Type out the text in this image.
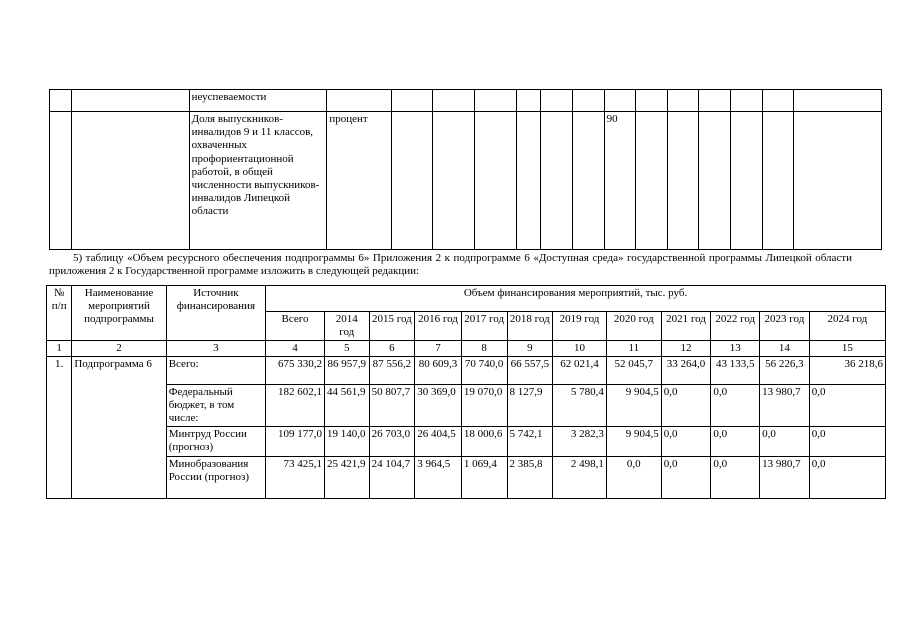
		неуспеваемости														
		Доля выпускников-инвалидов 9 и 11 классов, охваченных профориентационной работой, в общей численности выпускников-инвалидов Липецкой области	процент							90						
5) таблицу «Объем ресурсного обеспечения подпрограммы 6» Приложения 2 к подпрограмме 6 «Доступная среда» государственной программы Липецкой области приложения 2 к Государственной программе изложить в следующей редакции:
№ п/п	Наименование мероприятий подпрограммы	Источник финансирования	Объем финансирования мероприятий, тыс. руб.											
			Всего	2014 год	2015 год	2016 год	2017 год	2018 год	2019 год	2020 год	2021 год	2022 год	2023 год	2024 год
1	2	3	4	5	6	7	8	9	10	11	12	13	14	15
1.	Подпрограмма 6	Всего:	675 330,2	86 957,9	87 556,2	80 609,3	70 740,0	66 557,5	62 021,4	52 045,7	33 264,0	43 133,5	56 226,3	36 218,6
		Федеральный бюджет, в том числе:	182 602,1	44 561,9	50 807,7	30 369,0	19 070,0	8 127,9	5 780,4	9 904,5	0,0	0,0	13 980,7	0,0
		Минтруд России (прогноз)	109 177,0	19 140,0	26 703,0	26 404,5	18 000,6	5 742,1	3 282,3	9 904,5	0,0	0,0	0,0	0,0
		Минобразования России (прогноз)	73 425,1	25 421,9	24 104,7	3 964,5	1 069,4	2 385,8	2 498,1	0,0	0,0	0,0	13 980,7	0,0
